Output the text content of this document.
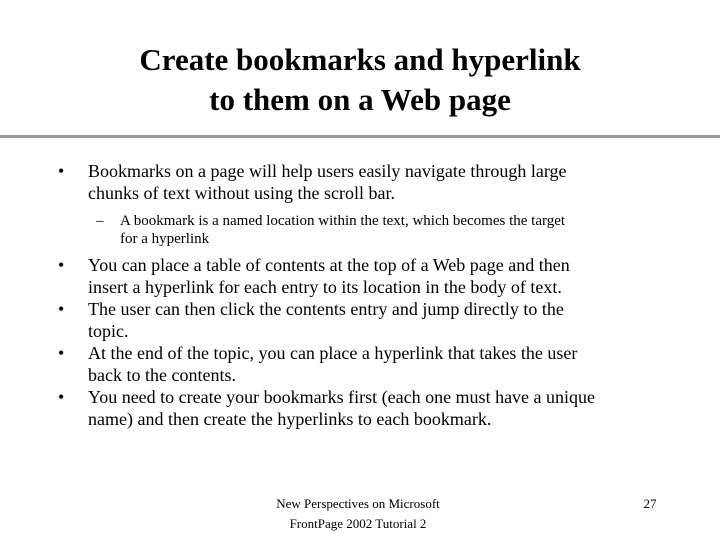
Create bookmarks and hyperlink
to them on a Web page
• Bookmarks on a page will help users easily navigate through large
chunks of text without using the scroll bar.
– A bookmark is a named location within the text, which becomes the target
for a hyperlink
• You can place a table of contents at the top of a Web page and then
insert a hyperlink for each entry to its location in the body of text.
• The user can then click the contents entry and jump directly to the
topic.
• At the end of the topic, you can place a hyperlink that takes the user
back to the contents.
• You need to create your bookmarks first (each one must have a unique
name) and then create the hyperlinks to each bookmark.
New Perspectives on Microsoft
FrontPage 2002 Tutorial 2
27
